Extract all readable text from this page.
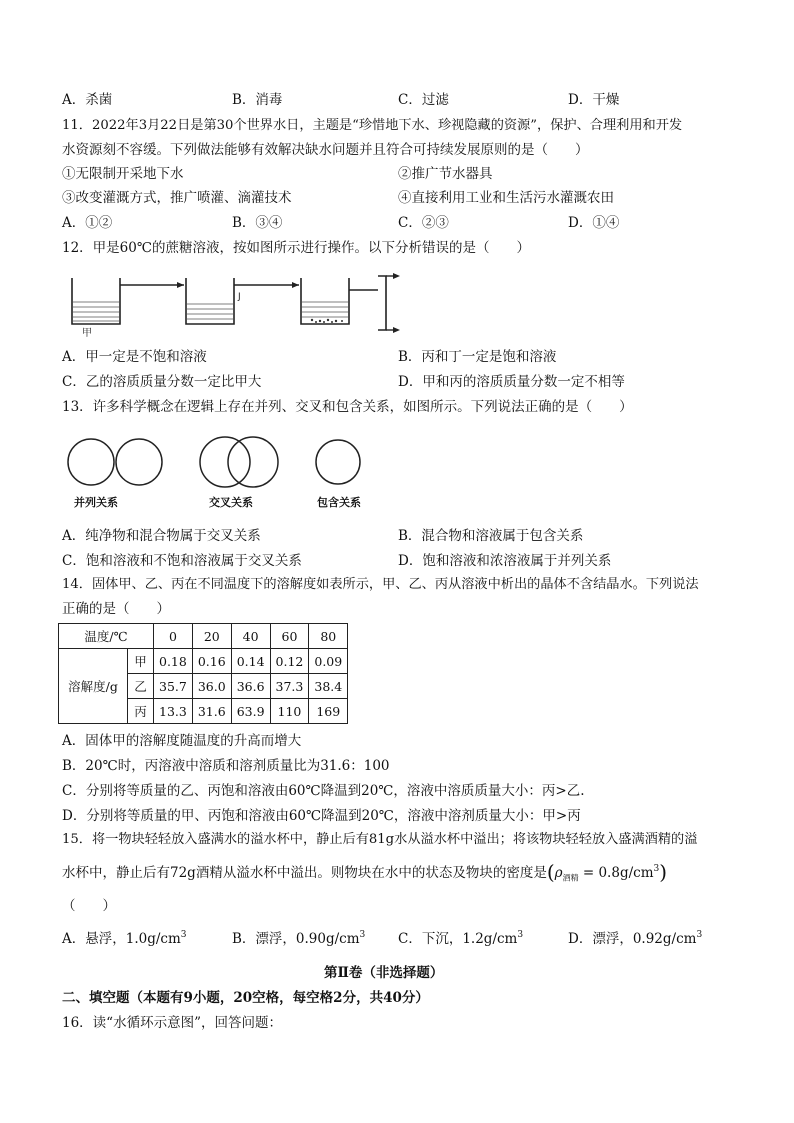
A．杀菌	B．消毒	C．过滤	D．干燥
11．2022年3月22日是第30个世界水日，主题是“珍惜地下水、珍视隐藏的资源”，保护、合理利用和开发
水资源刻不容缓。下列做法能够有效解决缺水问题并且符合可持续发展原则的是（　　）
①无限制开采地下水	②推广节水器具
③改变灌溉方式，推广喷灌、滴灌技术	④直接利用工业和生活污水灌溉农田
A．①②	B．③④	C．②③	D．①④
12．甲是60℃的蔗糖溶液，按如图所示进行操作。以下分析错误的是（　　）
J
甲
A．甲一定是不饱和溶液	B．丙和丁一定是饱和溶液
C．乙的溶质质量分数一定比甲大	D．甲和丙的溶质质量分数一定不相等
13．许多科学概念在逻辑上存在并列、交叉和包含关系，如图所示。下列说法正确的是（　　）
并列关系	交叉关系	包含关系
A．纯净物和混合物属于交叉关系	B．混合物和溶液属于包含关系
C．饱和溶液和不饱和溶液属于交叉关系	D．饱和溶液和浓溶液属于并列关系
14．固体甲、乙、丙在不同温度下的溶解度如表所示，甲、乙、丙从溶液中析出的晶体不含结晶水。下列说法
正确的是（　　）
温度/℃		0	20	40	60	80
溶解度/g	甲	0.18	0.16	0.14	0.12	0.09
	乙	35.7	36.0	36.6	37.3	38.4
	丙	13.3	31.6	63.9	110	169
A．固体甲的溶解度随温度的升高而增大
B．20℃时，丙溶液中溶质和溶剂质量比为31.6：100
C．分别将等质量的乙、丙饱和溶液由60℃降温到20℃，溶液中溶质质量大小：丙>乙.
D．分别将等质量的甲、丙饱和溶液由60℃降温到20℃，溶液中溶剂质量大小：甲>丙
15．将一物块轻轻放入盛满水的溢水杯中，静止后有81g水从溢水杯中溢出；将该物块轻轻放入盛满酒精的溢
水杯中，静止后有72g酒精从溢水杯中溢出。则物块在水中的状态及物块的密度是$(\rho_{酒精} = 0.8g/cm^3)$
（　　）
A．悬浮，$1.0g/cm^3$	B．漂浮，$0.90g/cm^3$ C．下沉，$1.2g/cm^3$	D．漂浮，$0.92g/cm^3$
第Ⅱ卷（非选择题）
二、填空题（本题有9小题，20空格，每空格2分，共40分）
16．读“水循环示意图”，回答问题：
